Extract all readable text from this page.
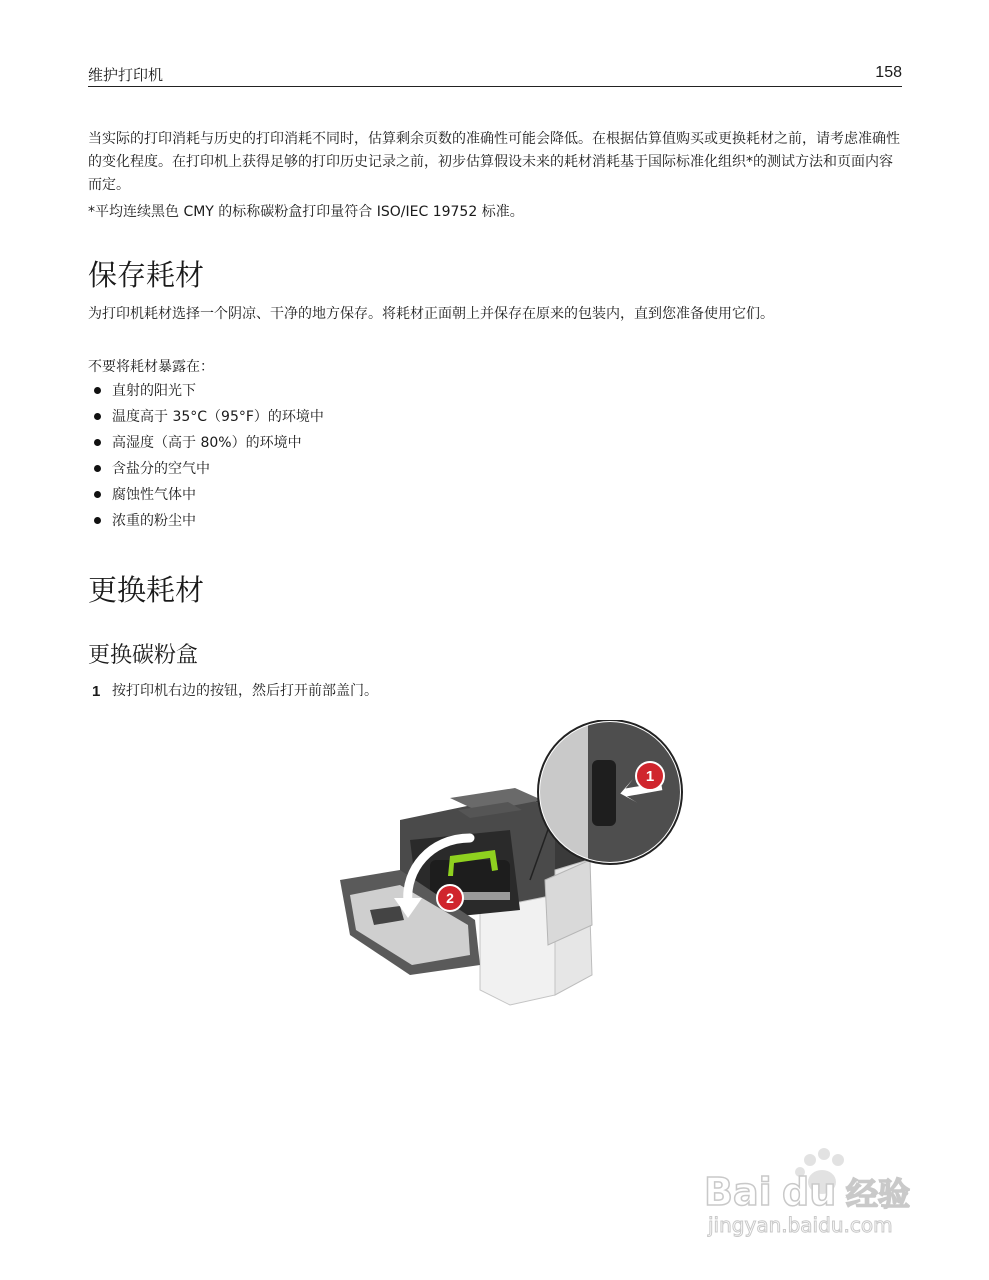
维护打印机	158

当实际的打印消耗与历史的打印消耗不同时，估算剩余页数的准确性可能会降低。在根据估算值购买或更换耗材之前，请考虑准确性的变化程度。在打印机上获得足够的打印历史记录之前，初步估算假设未来的耗材消耗基于国际标准化组织*的测试方法和页面内容而定。

*平均连续黑色 CMY 的标称碳粉盒打印量符合 ISO/IEC 19752 标准。

保存耗材

为打印机耗材选择一个阴凉、干净的地方保存。将耗材正面朝上并保存在原来的包装内，直到您准备使用它们。

不要将耗材暴露在：

直射的阳光下
温度高于 35°C（95°F）的环境中
高湿度（高于 80%）的环境中
含盐分的空气中
腐蚀性气体中
浓重的粉尘中
更换耗材
更换碳粉盒
1 按打印机右边的按钮，然后打开前部盖门。
1
2
Bai du 经验
jingyan.baidu.com
